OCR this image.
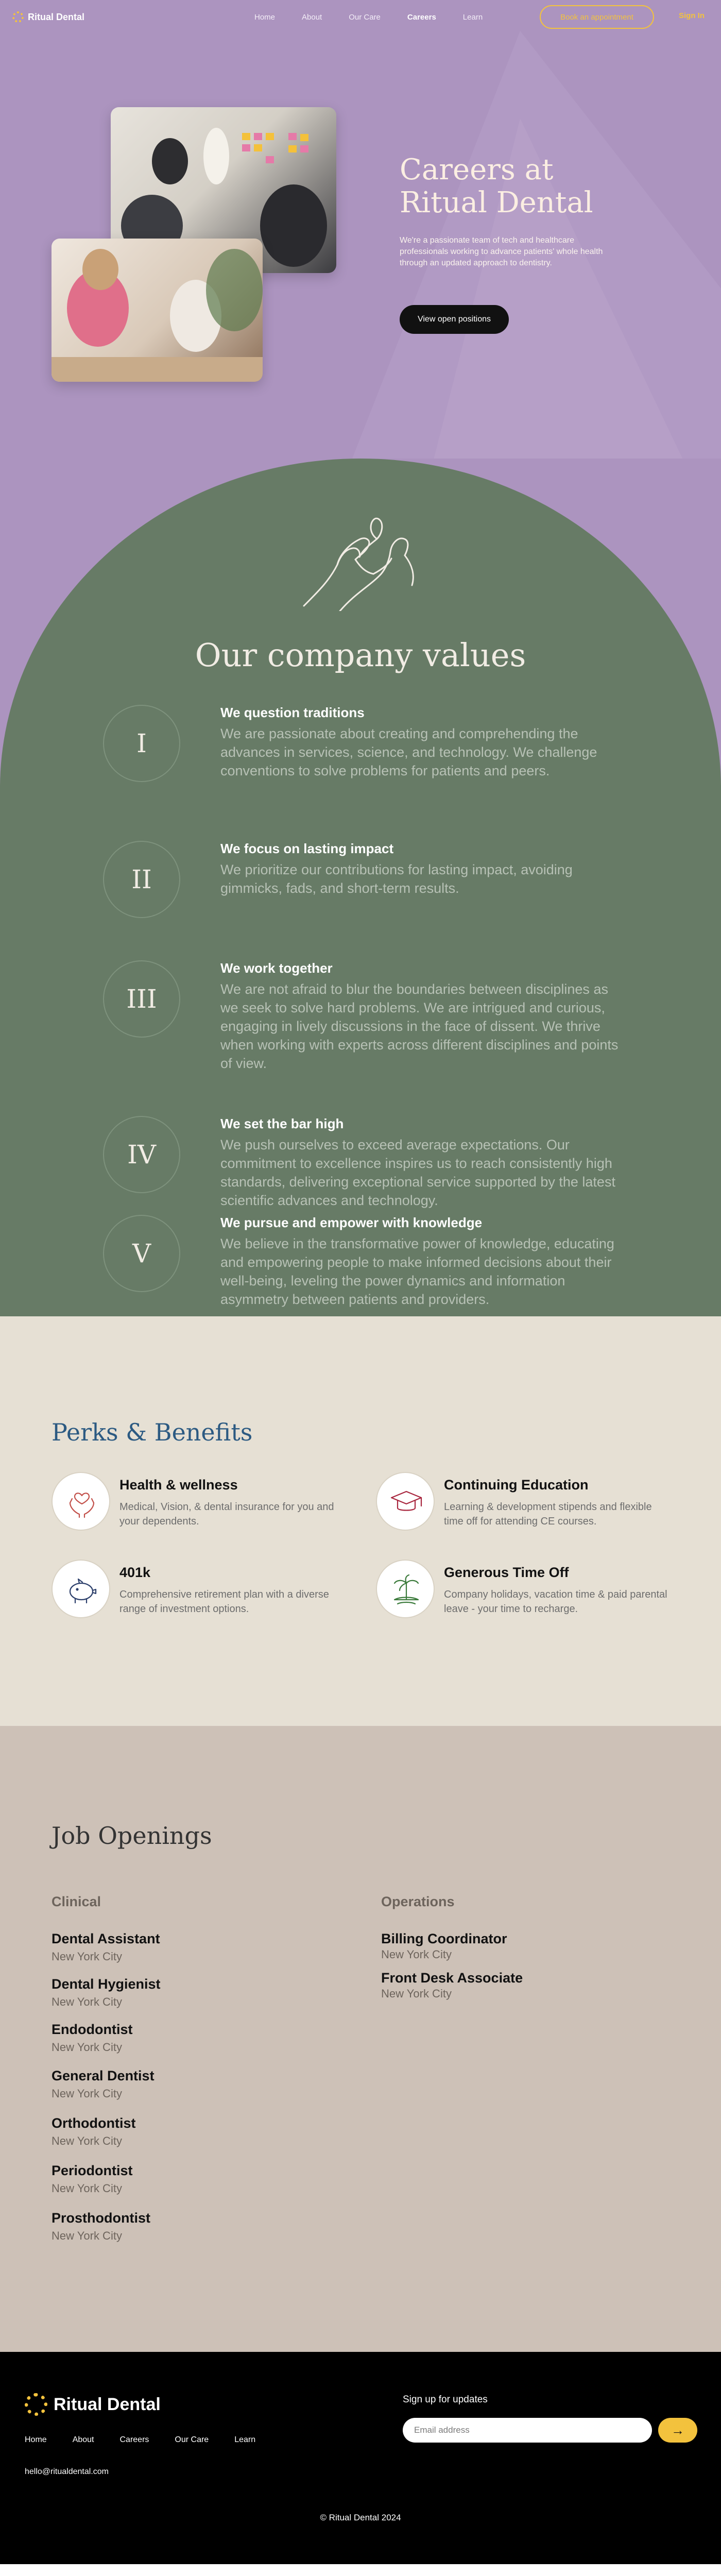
Ritual Dental	Home	About	Our Care	Careers	Learn	Book an appointment	Sign In
Careers at
Ritual Dental

We're a passionate team of tech and healthcare professionals working to advance patients' whole health through an updated approach to dentistry.

View open positions
Our company values
I
We question traditions

We are passionate about creating and comprehending the advances in services, science, and technology. We challenge conventions to solve problems for patients and peers.

II
We focus on lasting impact

We prioritize our contributions for lasting impact, avoiding gimmicks, fads, and short-term results.

III
We work together

We are not afraid to blur the boundaries between disciplines as we seek to solve hard problems. We are intrigued and curious, engaging in lively discussions in the face of dissent. We thrive when working with experts across different disciplines and points of view.

IV
We set the bar high

We push ourselves to exceed average expectations. Our commitment to excellence inspires us to reach consistently high standards, delivering exceptional service supported by the latest scientific advances and technology.

V
We pursue and empower with knowledge

We believe in the transformative power of knowledge, educating and empowering people to make informed decisions about their well-being, leveling the power dynamics and information asymmetry between patients and providers.

Perks & Benefits
Health & wellness

Medical, Vision, & dental insurance for you and your dependents.

Continuing Education

Learning & development stipends and flexible time off for attending CE courses.

401k

Comprehensive retirement plan with a diverse range of investment options.

Generous Time Off

Company holidays, vacation time & paid parental leave - your time to recharge.

Job Openings
Clinical
Dental Assistant
New York City
Dental Hygienist
New York City
Endodontist
New York City
General Dentist
New York City
Orthodontist
New York City
Periodontist
New York City
Prosthodontist
New York City
Operations
Billing Coordinator
New York City
Front Desk Associate
New York City
Ritual Dental
Home	About	Careers	Our Care	Learn
hello@ritualdental.com
Sign up for updates
Email address
→
© Ritual Dental 2024
